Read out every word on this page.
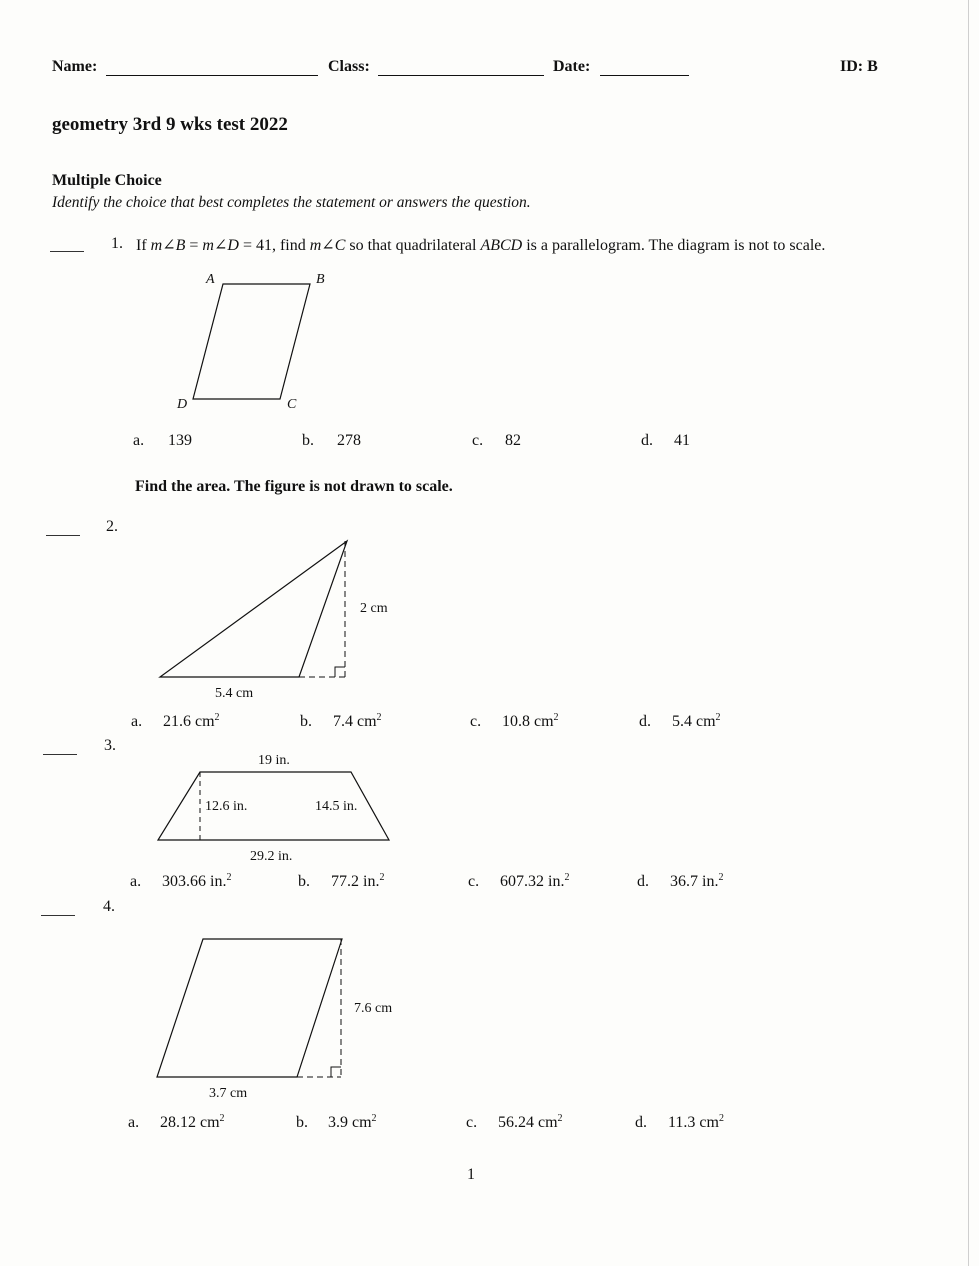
Name:	Class:	Date:	ID: B
geometry 3rd 9 wks test 2022
Multiple Choice
Identify the choice that best completes the statement or answers the question.
1. If m∠B = m∠D = 41, find m∠C so that quadrilateral ABCD is a parallelogram. The diagram is not to scale.
A	B
C
D
a. 139	b. 278	c. 82	d. 41
Find the area. The figure is not drawn to scale.
2.
2 cm
5.4 cm
a. 21.6 $cm^2$	b. 7.4 $cm^2$	c. 10.8 $cm^2$	d. 5.4 $cm^2$
3.
19 in.
12.6 in.	14.5 in.
29.2 in.
a. 303.66 in.$^2$	b. 77.2 in.$^2$	c. 607.32 in.$^2$	d. 36.7 in.$^2$
4.
7.6 cm
3.7 cm
a. 28.12 $cm^2$	b. 3.9 $cm^2$	c. 56.24 $cm^2$	d. 11.3 $cm^2$
1
